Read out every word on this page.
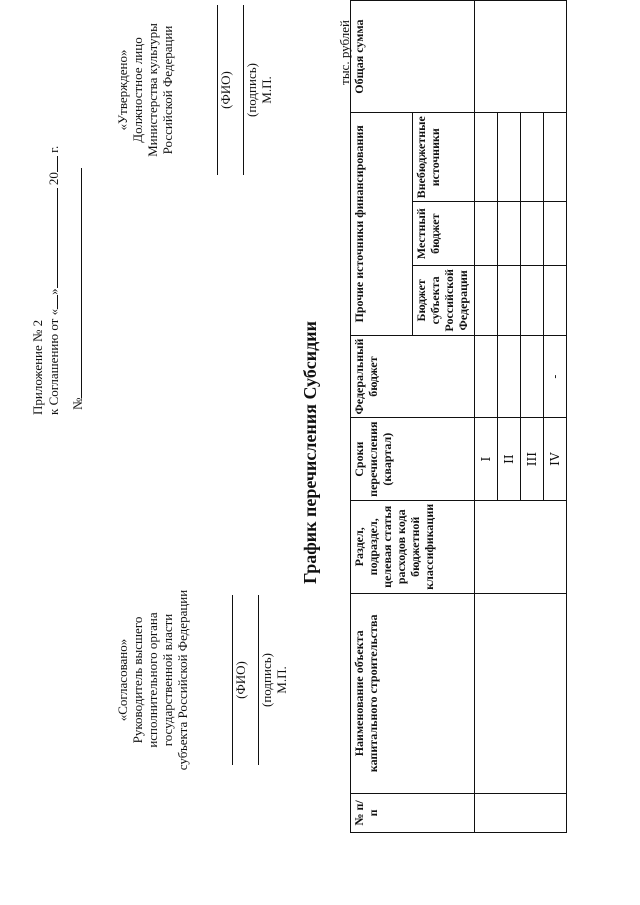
Приложение № 2 к Соглашению от «» 20 г.
№
«Утверждено» Должностное лицо Министерства культуры Российской Федерации	(ФИО) (подпись) М.П.
«Согласовано» Руководитель высшего исполнительного органа государственной власти субъекта Российской Федерации	(ФИО) (подпись) М.П.
График перечисления Субсидии
тыс. рублей
№ п/п	Наименование объекта капитального строительства	Раздел, подраздел, целевая статья расходов кода бюджетной классификации	Сроки перечисления (квартал)	Федеральный бюджет	Прочие источники финансирования			Общая сумма
					Бюджет субъекта Российской Федерации	Местный бюджет	Внебюджетные источники	
			I					
			II					
			III					
			IV	-				
